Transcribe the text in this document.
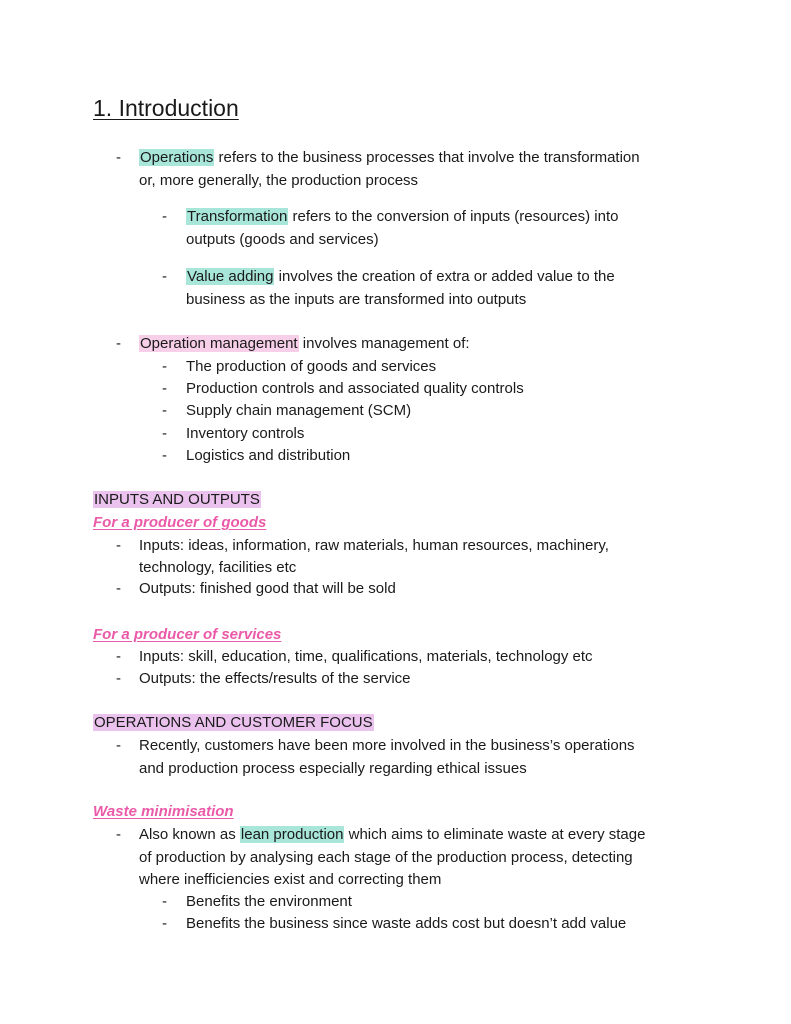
1. Introduction
- Operations refers to the business processes that involve the transformation
or, more generally, the production process
- Transformation refers to the conversion of inputs (resources) into
outputs (goods and services)
- Value adding involves the creation of extra or added value to the
business as the inputs are transformed into outputs
- Operation management involves management of:
- The production of goods and services
- Production controls and associated quality controls
- Supply chain management (SCM)
- Inventory controls
- Logistics and distribution
INPUTS AND OUTPUTS
For a producer of goods
- Inputs: ideas, information, raw materials, human resources, machinery,
technology, facilities etc
- Outputs: finished good that will be sold
For a producer of services
- Inputs: skill, education, time, qualifications, materials, technology etc
- Outputs: the effects/results of the service
OPERATIONS AND CUSTOMER FOCUS
- Recently, customers have been more involved in the business’s operations
and production process especially regarding ethical issues
Waste minimisation
- Also known as lean production which aims to eliminate waste at every stage
of production by analysing each stage of the production process, detecting
where inefficiencies exist and correcting them
- Benefits the environment
- Benefits the business since waste adds cost but doesn’t add value
